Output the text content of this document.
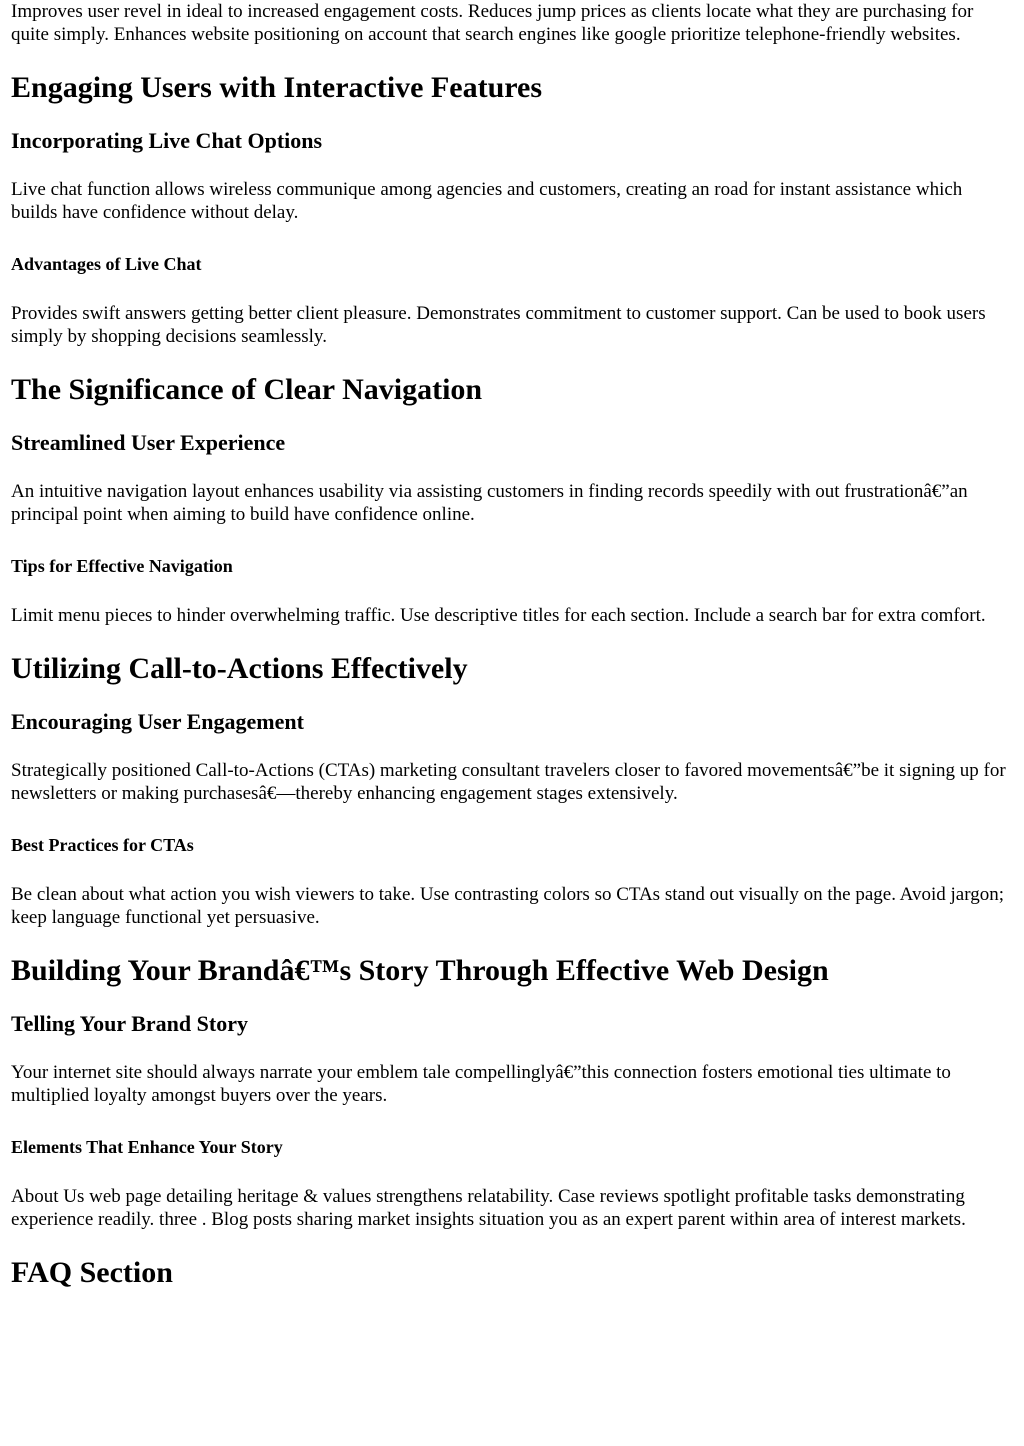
Improves user revel in ideal to increased engagement costs. Reduces jump prices as clients locate what they are purchasing for quite simply. Enhances website positioning on account that search engines like google prioritize telephone-friendly websites.

Engaging Users with Interactive Features
Incorporating Live Chat Options

Live chat function allows wireless communique among agencies and customers, creating an road for instant assistance which builds have confidence without delay.

Advantages of Live Chat

Provides swift answers getting better client pleasure. Demonstrates commitment to customer support. Can be used to book users simply by shopping decisions seamlessly.

The Significance of Clear Navigation
Streamlined User Experience

An intuitive navigation layout enhances usability via assisting customers in finding records speedily with out frustrationâ€”an principal point when aiming to build have confidence online.

Tips for Effective Navigation

Limit menu pieces to hinder overwhelming traffic. Use descriptive titles for each section. Include a search bar for extra comfort.

Utilizing Call-to-Actions Effectively
Encouraging User Engagement

Strategically positioned Call-to-Actions (CTAs) marketing consultant travelers closer to favored movementsâ€”be it signing up for newsletters or making purchasesâ€—thereby enhancing engagement stages extensively.

Best Practices for CTAs

Be clean about what action you wish viewers to take. Use contrasting colors so CTAs stand out visually on the page. Avoid jargon; keep language functional yet persuasive.

Building Your Brandâ€™s Story Through Effective Web Design
Telling Your Brand Story

Your internet site should always narrate your emblem tale compellinglyâ€”this connection fosters emotional ties ultimate to multiplied loyalty amongst buyers over the years.

Elements That Enhance Your Story

About Us web page detailing heritage & values strengthens relatability. Case reviews spotlight profitable tasks demonstrating experience readily. three . Blog posts sharing market insights situation you as an expert parent within area of interest markets.

FAQ Section
